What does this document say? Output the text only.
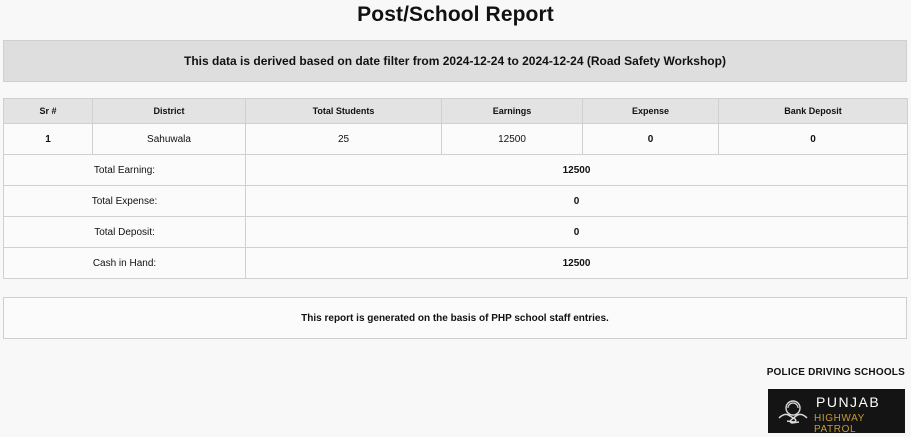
Post/School Report
This data is derived based on date filter from 2024-12-24 to 2024-12-24 (Road Safety Workshop)
Sr #	District	Total Students	Earnings	Expense	Bank Deposit
1	Sahuwala	25	12500	0	0
Total Earning:		12500			
Total Expense:		0			
Total Deposit:		0			
Cash in Hand:		12500			
This report is generated on the basis of PHP school staff entries.
POLICE DRIVING SCHOOLS
PUNJAB
HIGHWAY PATROL
